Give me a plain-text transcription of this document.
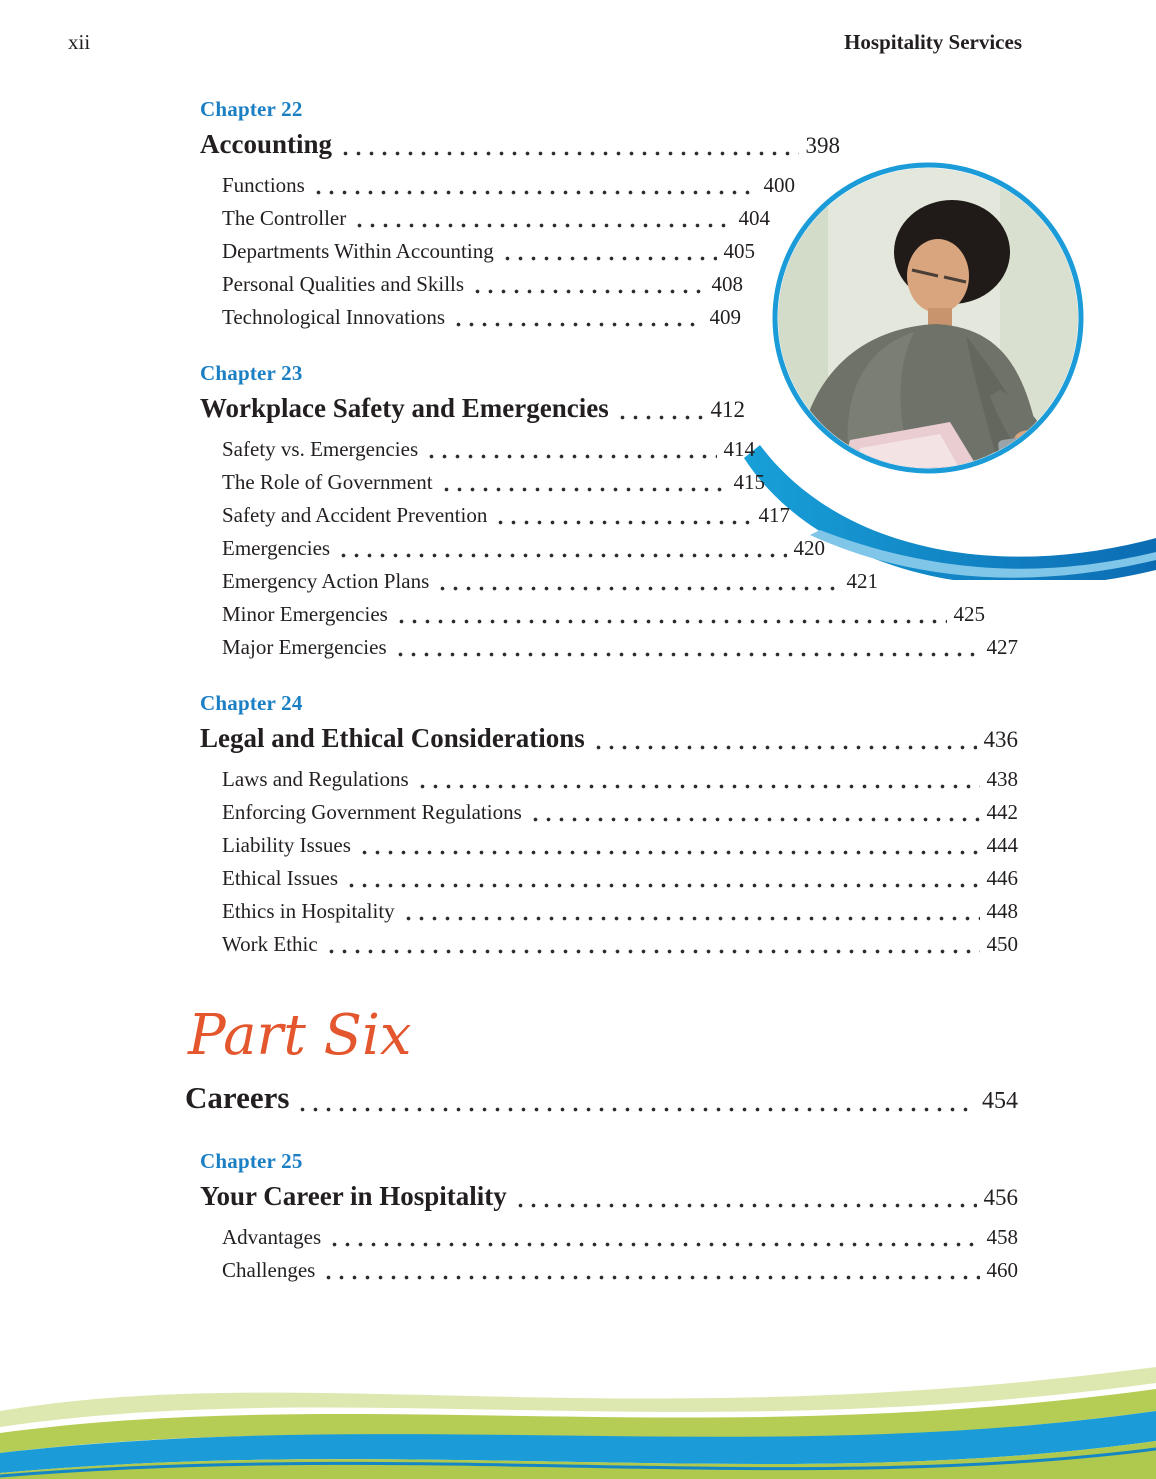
xii	Hospitality Services
Chapter 22
Accounting	398
Functions	400
The Controller	404
Departments Within Accounting	405
Personal Qualities and Skills	408
Technological Innovations	409
Chapter 23
Workplace Safety and Emergencies	412
Safety vs. Emergencies	414
The Role of Government	415
Safety and Accident Prevention	417
Emergencies	420
Emergency Action Plans	421
Minor Emergencies	425
Major Emergencies	427
Chapter 24
Legal and Ethical Considerations	436
Laws and Regulations	438
Enforcing Government Regulations	442
Liability Issues	444
Ethical Issues	446
Ethics in Hospitality	448
Work Ethic	450
Part Six
Careers	454
Chapter 25
Your Career in Hospitality	456
Advantages	458
Challenges	460
